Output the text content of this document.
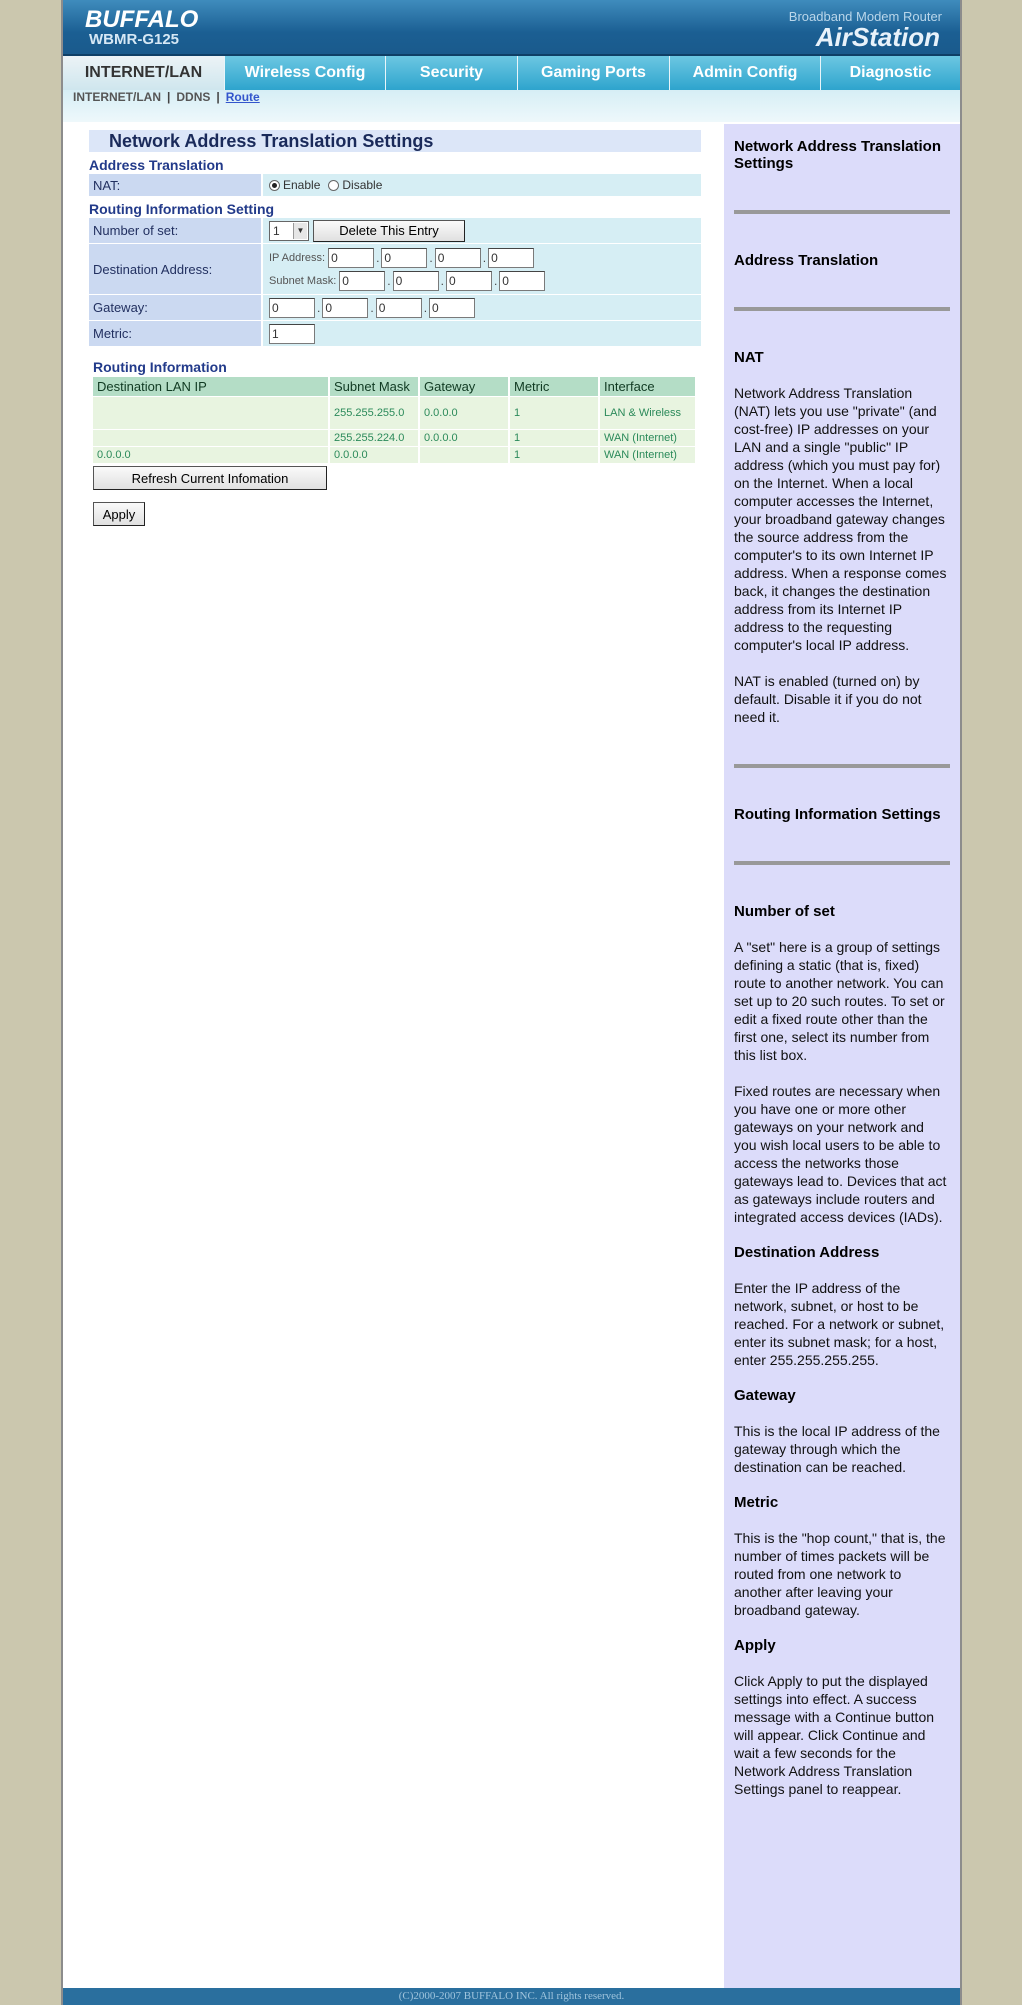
BUFFALO
WBMR-G125
Broadband Modem Router
AirStation
INTERNET/LAN	Wireless Config	Security	Gaming Ports	Admin Config	Diagnostic
INTERNET/LAN | DDNS | Route
Network Address Translation Settings
Address Translation
NAT:	Enable Disable
Routing Information Setting
Number of set:	1	▼	Delete This Entry
Destination Address:
IP Address: 0	. 0	. 0	. 0
Subnet Mask: 0	. 0	. 0	. 0
Gateway:	0	. 0	. 0	. 0
Metric:	1
Routing Information
Destination LAN IP	Subnet Mask	Gateway	Metric	Interface
	255.255.255.0	0.0.0.0	1	LAN & Wireless
	255.255.224.0	0.0.0.0	1	WAN (Internet)
0.0.0.0	0.0.0.0		1	WAN (Internet)
Refresh Current Infomation
Apply
Network Address Translation Settings
Address Translation
NAT

Network Address Translation (NAT) lets you use "private" (and cost-free) IP addresses on your LAN and a single "public" IP address (which you must pay for) on the Internet. When a local computer accesses the Internet, your broadband gateway changes the source address from the computer's to its own Internet IP address. When a response comes back, it changes the destination address from its Internet IP address to the requesting computer's local IP address.

NAT is enabled (turned on) by default. Disable it if you do not need it.

Routing Information Settings
Number of set

A "set" here is a group of settings defining a static (that is, fixed) route to another network. You can set up to 20 such routes. To set or edit a fixed route other than the first one, select its number from this list box.

Fixed routes are necessary when you have one or more other gateways on your network and you wish local users to be able to access the networks those gateways lead to. Devices that act as gateways include routers and integrated access devices (IADs).

Destination Address

Enter the IP address of the network, subnet, or host to be reached. For a network or subnet, enter its subnet mask; for a host, enter 255.255.255.255.

Gateway

This is the local IP address of the gateway through which the destination can be reached.

Metric

This is the "hop count," that is, the number of times packets will be routed from one network to another after leaving your broadband gateway.

Apply

Click Apply to put the displayed settings into effect. A success message with a Continue button will appear. Click Continue and wait a few seconds for the Network Address Translation Settings panel to reappear.

(C)2000-2007 BUFFALO INC. All rights reserved.
